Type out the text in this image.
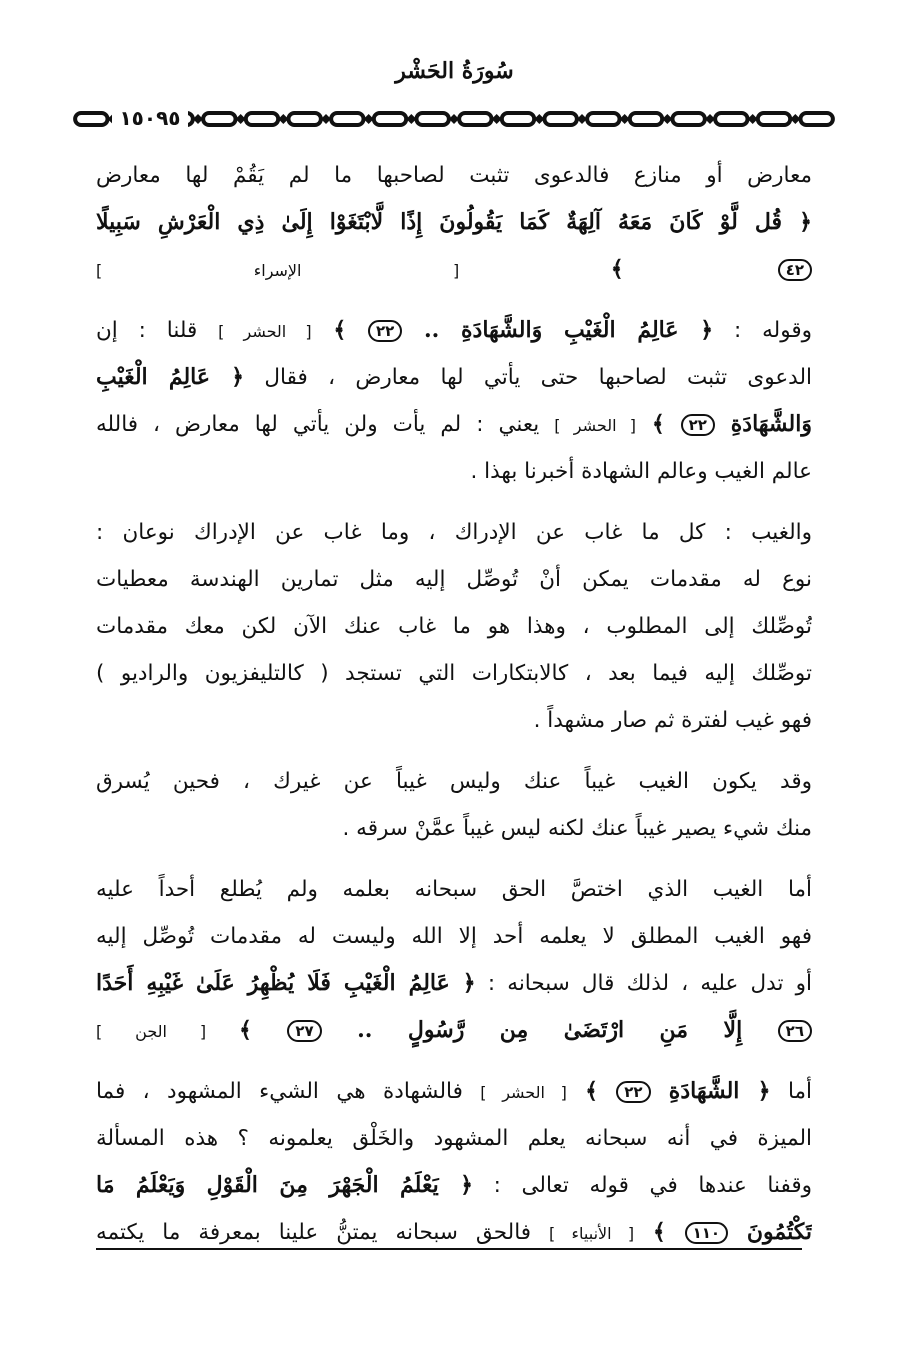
سُورَةُ الحَشْر
١٥٠٩٥
معارض أو منازع فالدعوى تثبت لصاحبها ما لم يَقُمْ لها معارض
﴿ قُل لَّوْ كَانَ مَعَهُ آلِهَةٌ كَمَا يَقُولُونَ إِذًا لَّابْتَغَوْا إِلَىٰ ذِي الْعَرْشِ سَبِيلًا
٤٢ ﴾ [ الإسراء ]
وقوله : ﴿ عَالِمُ الْغَيْبِ وَالشَّهَادَةِ .. ٢٢ ﴾ [ الحشر ] قلنا : إن
الدعوى تثبت لصاحبها حتى يأتي لها معارض ، فقال ﴿ عَالِمُ الْغَيْبِ
وَالشَّهَادَةِ ٢٢ ﴾ [ الحشر ] يعني : لم يأت ولن يأتي لها معارض ، فالله
عالم الغيب وعالم الشهادة أخبرنا بهذا .
والغيب : كل ما غاب عن الإدراك ، وما غاب عن الإدراك نوعان :
نوع له مقدمات يمكن أنْ تُوصِّل إليه مثل تمارين الهندسة معطيات
تُوصِّلك إلى المطلوب ، وهذا هو ما غاب عنك الآن لكن معك مقدمات
توصِّلك إليه فيما بعد ، كالابتكارات التي تستجد ( كالتليفزيون والراديو )
فهو غيب لفترة ثم صار مشهداً .
وقد يكون الغيب غيباً عنك وليس غيباً عن غيرك ، فحين يُسرق
منك شيء يصير غيباً عنك لكنه ليس غيباً عمَّنْ سرقه .
أما الغيب الذي اختصَّ الحق سبحانه بعلمه ولم يُطلع أحداً عليه
فهو الغيب المطلق لا يعلمه أحد إلا الله وليست له مقدمات تُوصِّل إليه
أو تدل عليه ، لذلك قال سبحانه : ﴿ عَالِمُ الْغَيْبِ فَلَا يُظْهِرُ عَلَىٰ غَيْبِهِ أَحَدًا
٢٦ إِلَّا مَنِ ارْتَضَىٰ مِن رَّسُولٍ .. ٢٧ ﴾ [ الجن ]
أما ﴿ الشَّهَادَةِ ٢٢ ﴾ [ الحشر ] فالشهادة هي الشيء المشهود ، فما
الميزة في أنه سبحانه يعلم المشهود والخَلْق يعلمونه ؟ هذه المسألة
وقفنا عندها في قوله تعالى : ﴿ يَعْلَمُ الْجَهْرَ مِنَ الْقَوْلِ وَيَعْلَمُ مَا
تَكْتُمُونَ ١١٠ ﴾ [ الأنبياء ] فالحق سبحانه يمتنُّ علينا بمعرفة ما يكتمه
